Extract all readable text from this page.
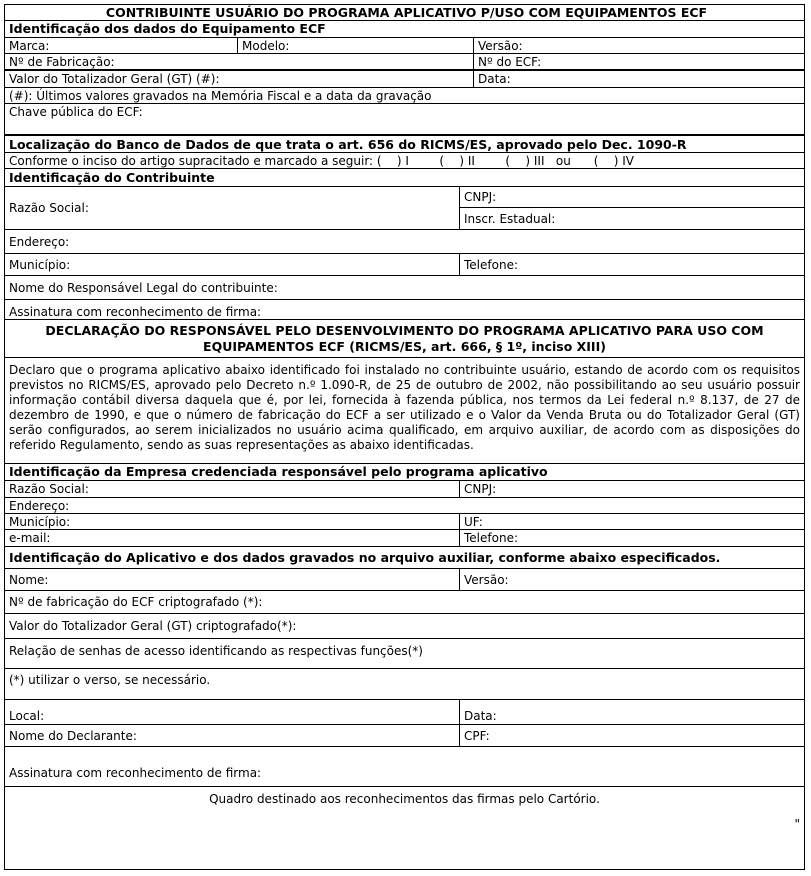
CONTRIBUINTE USUÁRIO DO PROGRAMA APLICATIVO P/USO COM EQUIPAMENTOS ECF
Identificação dos dados do Equipamento ECF
Marca:	Modelo:	Versão:
Nº de Fabricação:	Nº do ECF:
Valor do Totalizador Geral (GT) (#):	Data:
(#): Últimos valores gravados na Memória Fiscal e a data da gravação
Chave pública do ECF:
Localização do Banco de Dados de que trata o art. 656 do RICMS/ES, aprovado pelo Dec. 1090-R
Conforme o inciso do artigo supracitado e marcado a seguir: (    ) I        (    ) II        (    ) III   ou      (    ) IV
Identificação do Contribuinte
Razão Social:
CNPJ:
Inscr. Estadual:
Endereço:
Município:	Telefone:
Nome do Responsável Legal do contribuinte:
Assinatura com reconhecimento de firma:
DECLARAÇÃO DO RESPONSÁVEL PELO DESENVOLVIMENTO DO PROGRAMA APLICATIVO PARA USO COM EQUIPAMENTOS ECF (RICMS/ES, art. 666, § 1º, inciso XIII)
Declaro que o programa aplicativo abaixo identificado foi instalado no contribuinte usuário, estando de acordo com os requisitos previstos no RICMS/ES, aprovado pelo Decreto n.º 1.090-R, de 25 de outubro de 2002, não possibilitando ao seu usuário possuir informação contábil diversa daquela que é, por lei, fornecida à fazenda pública, nos termos da Lei federal n.º 8.137, de 27 de dezembro de 1990, e que o número de fabricação do ECF a ser utilizado e o Valor da Venda Bruta ou do Totalizador Geral (GT) serão configurados, ao serem inicializados no usuário acima qualificado, em arquivo auxiliar, de acordo com as disposições do referido Regulamento, sendo as suas representações as abaixo identificadas.
Identificação da Empresa credenciada responsável pelo programa aplicativo
Razão Social:	CNPJ:
Endereço:
Município:	UF:
e-mail:	Telefone:
Identificação do Aplicativo e dos dados gravados no arquivo auxiliar, conforme abaixo especificados.
Nome:	Versão:
Nº de fabricação do ECF criptografado (*):
Valor do Totalizador Geral (GT) criptografado(*):
Relação de senhas de acesso identificando as respectivas funções(*)
(*) utilizar o verso, se necessário.
Local:	Data:
Nome do Declarante:	CPF:
Assinatura com reconhecimento de firma:
Quadro destinado aos reconhecimentos das firmas pelo Cartório.
"
